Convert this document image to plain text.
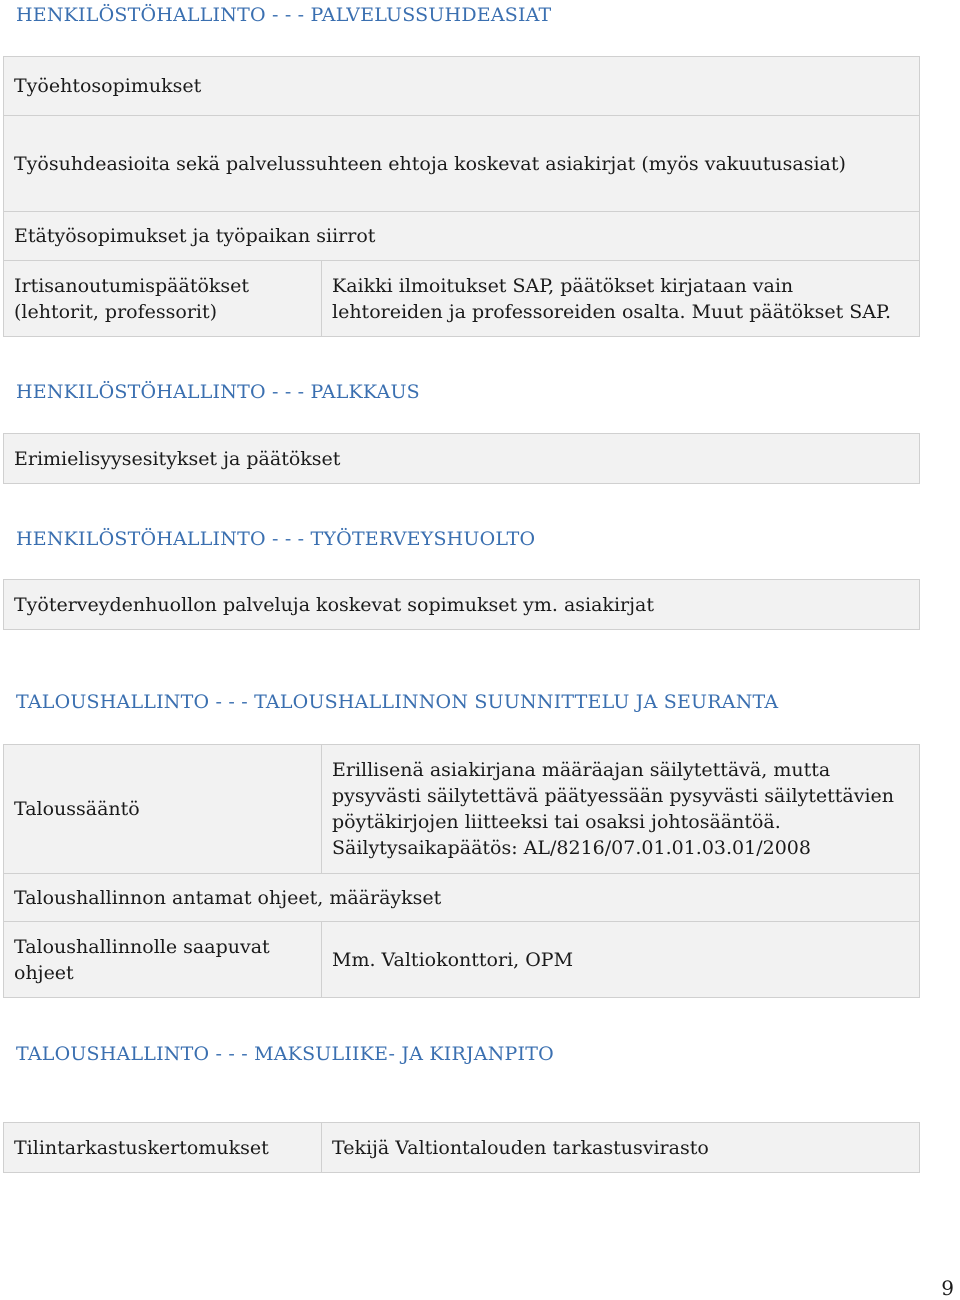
HENKILÖSTÖHALLINTO - - - PALVELUSSUHDEASIAT
Työehtosopimukset
Työsuhdeasioita sekä palvelussuhteen ehtoja koskevat asiakirjat (myös vakuutusasiat)
Etätyösopimukset ja työpaikan siirrot
Irtisanoutumispäätökset (lehtorit, professorit)	Kaikki ilmoitukset SAP, päätökset kirjataan vain lehtoreiden ja professoreiden osalta. Muut päätökset SAP.
HENKILÖSTÖHALLINTO - - - PALKKAUS
Erimielisyysesitykset ja päätökset
HENKILÖSTÖHALLINTO - - - TYÖTERVEYSHUOLTO
Työterveydenhuollon palveluja koskevat sopimukset ym. asiakirjat
TALOUSHALLINTO - - - TALOUSHALLINNON SUUNNITTELU JA SEURANTA
Taloussääntö	Erillisenä asiakirjana määräajan säilytettävä, mutta pysyvästi säilytettävä päätyessään pysyvästi säilytettävien pöytäkirjojen liitteeksi tai osaksi johtosääntöä. Säilytysaikapäätös: AL/8216/07.01.01.03.01/2008
Taloushallinnon antamat ohjeet, määräykset	
Taloushallinnolle saapuvat ohjeet	Mm. Valtiokonttori, OPM
TALOUSHALLINTO - - - MAKSULIIKE- JA KIRJANPITO
Tilintarkastuskertomukset	Tekijä Valtiontalouden tarkastusvirasto
9
